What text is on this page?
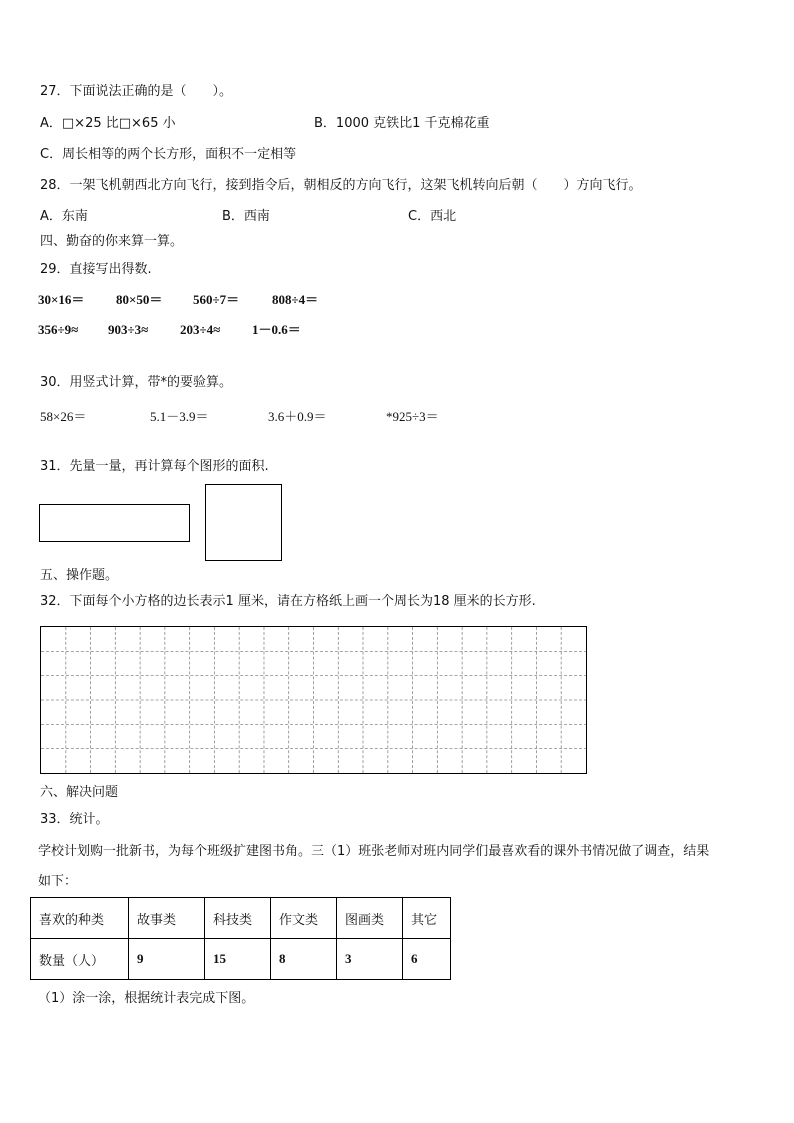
27．下面说法正确的是（　　）。
A．□×25 比□×65 小	B．1000 克铁比1 千克棉花重
C．周长相等的两个长方形，面积不一定相等
28．一架飞机朝西北方向飞行，接到指令后，朝相反的方向飞行，这架飞机转向后朝（　　）方向飞行。
A．东南	B．西南	C．西北
四、勤奋的你来算一算。
29．直接写出得数.
30×16＝ 80×50＝ 560÷7＝	808÷4＝
356÷9≈ 903÷3≈ 203÷4≈ 1－0.6＝
30．用竖式计算，带*的要验算。
58×26＝	5.1－3.9＝	3.6＋0.9＝	*925÷3＝
31．先量一量，再计算每个图形的面积.
五、操作题。
32．下面每个小方格的边长表示1 厘米，请在方格纸上画一个周长为18 厘米的长方形.
六、解决问题
33．统计。
学校计划购一批新书，为每个班级扩建图书角。三（1）班张老师对班内同学们最喜欢看的课外书情况做了调查，结果
如下：
喜欢的种类	故事类	科技类	作文类	图画类	其它
数量（人）	9	15	8	3	6
（1）涂一涂，根据统计表完成下图。
